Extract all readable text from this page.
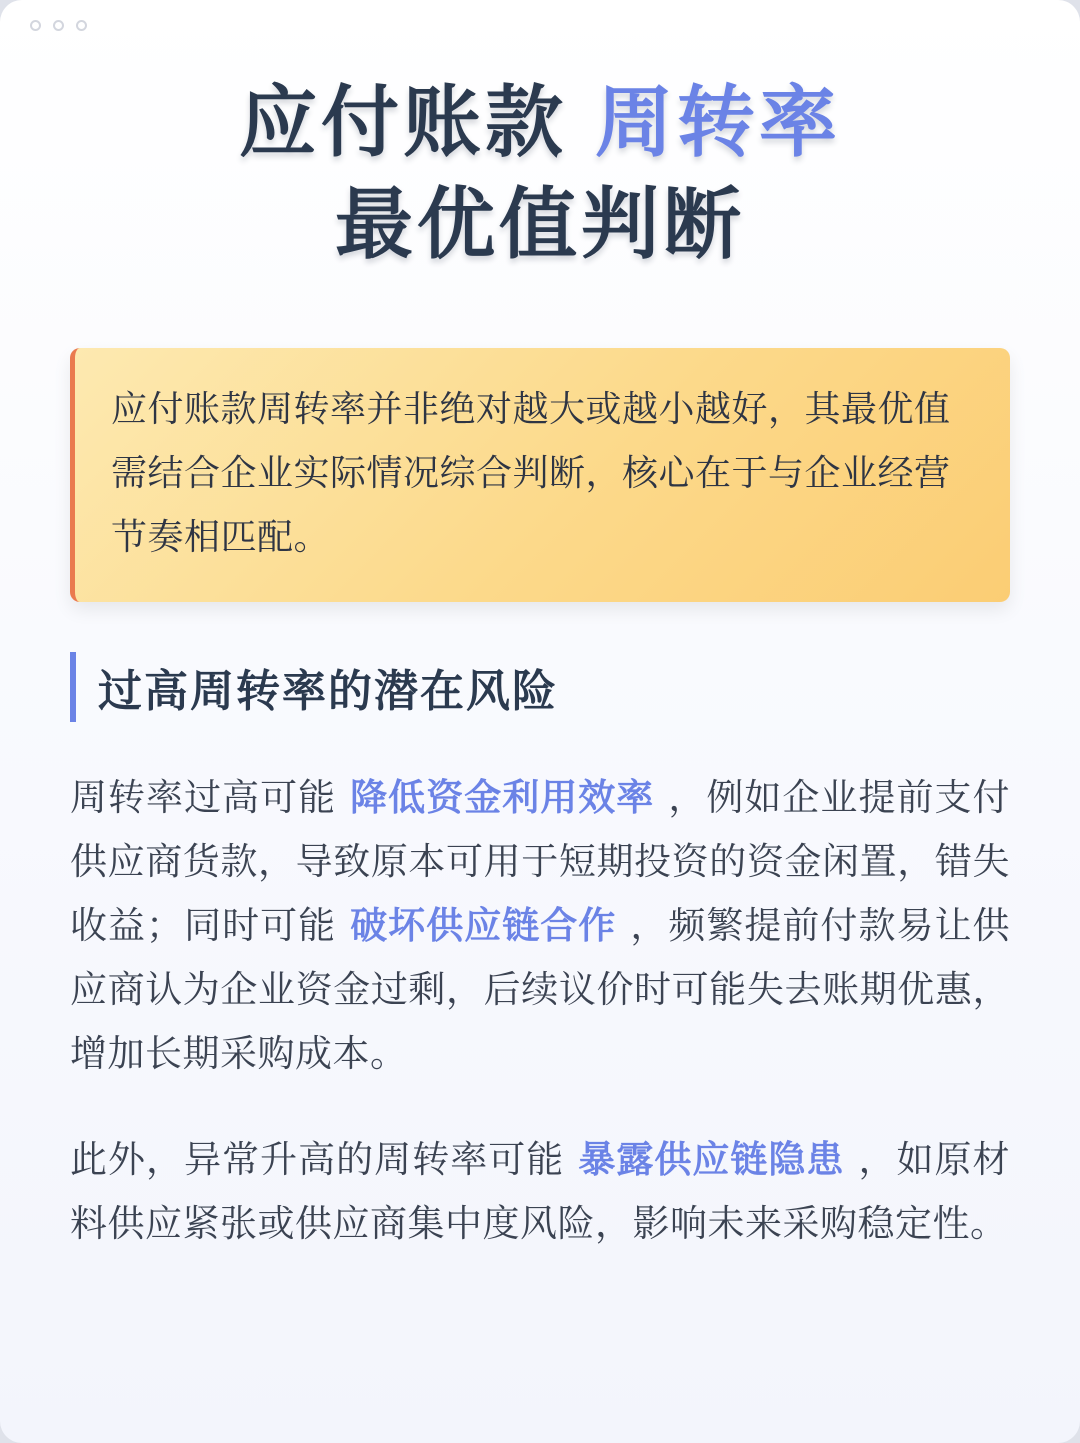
应付账款 周转率
最优值判断

应付账款周转率并非绝对越大或越小越好，其最优值需结合企业实际情况综合判断，核心在于与企业经营节奏相匹配。

过高周转率的潜在风险

周转率过高可能 降低资金利用效率 ，例如企业提前支付供应商货款，导致原本可用于短期投资的资金闲置，错失收益；同时可能 破坏供应链合作 ，频繁提前付款易让供应商认为企业资金过剩，后续议价时可能失去账期优惠，增加长期采购成本。

此外，异常升高的周转率可能 暴露供应链隐患 ，如原材料供应紧张或供应商集中度风险，影响未来采购稳定性。
